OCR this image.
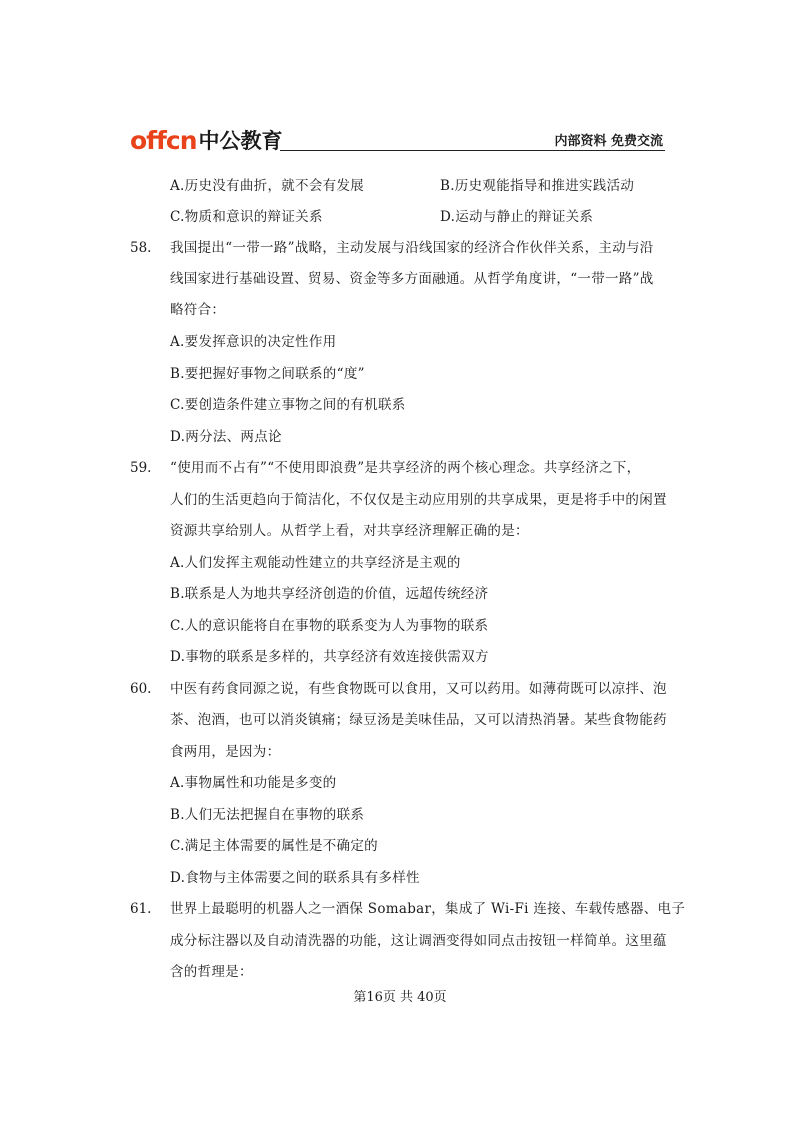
offcn 中公教育	内部资料 免费交流
A.历史没有曲折，就不会有发展	B.历史观能指导和推进实践活动
C.物质和意识的辩证关系	D.运动与静止的辩证关系
58. 我国提出“一带一路”战略，主动发展与沿线国家的经济合作伙伴关系，主动与沿
线国家进行基础设置、贸易、资金等多方面融通。从哲学角度讲，“一带一路”战
略符合：
A.要发挥意识的决定性作用
B.要把握好事物之间联系的“度”
C.要创造条件建立事物之间的有机联系
D.两分法、两点论
59. “使用而不占有”“不使用即浪费”是共享经济的两个核心理念。共享经济之下，
人们的生活更趋向于简洁化，不仅仅是主动应用别的共享成果，更是将手中的闲置
资源共享给别人。从哲学上看，对共享经济理解正确的是：
A.人们发挥主观能动性建立的共享经济是主观的
B.联系是人为地共享经济创造的价值，远超传统经济
C.人的意识能将自在事物的联系变为人为事物的联系
D.事物的联系是多样的，共享经济有效连接供需双方
60. 中医有药食同源之说，有些食物既可以食用，又可以药用。如薄荷既可以凉拌、泡
茶、泡酒，也可以消炎镇痛；绿豆汤是美味佳品，又可以清热消暑。某些食物能药
食两用，是因为：
A.事物属性和功能是多变的
B.人们无法把握自在事物的联系
C.满足主体需要的属性是不确定的
D.食物与主体需要之间的联系具有多样性
61. 世界上最聪明的机器人之一酒保 Somabar，集成了 Wi-Fi 连接、车载传感器、电子
成分标注器以及自动清洗器的功能，这让调酒变得如同点击按钮一样简单。这里蕴
含的哲理是：
第16页 共 40页
